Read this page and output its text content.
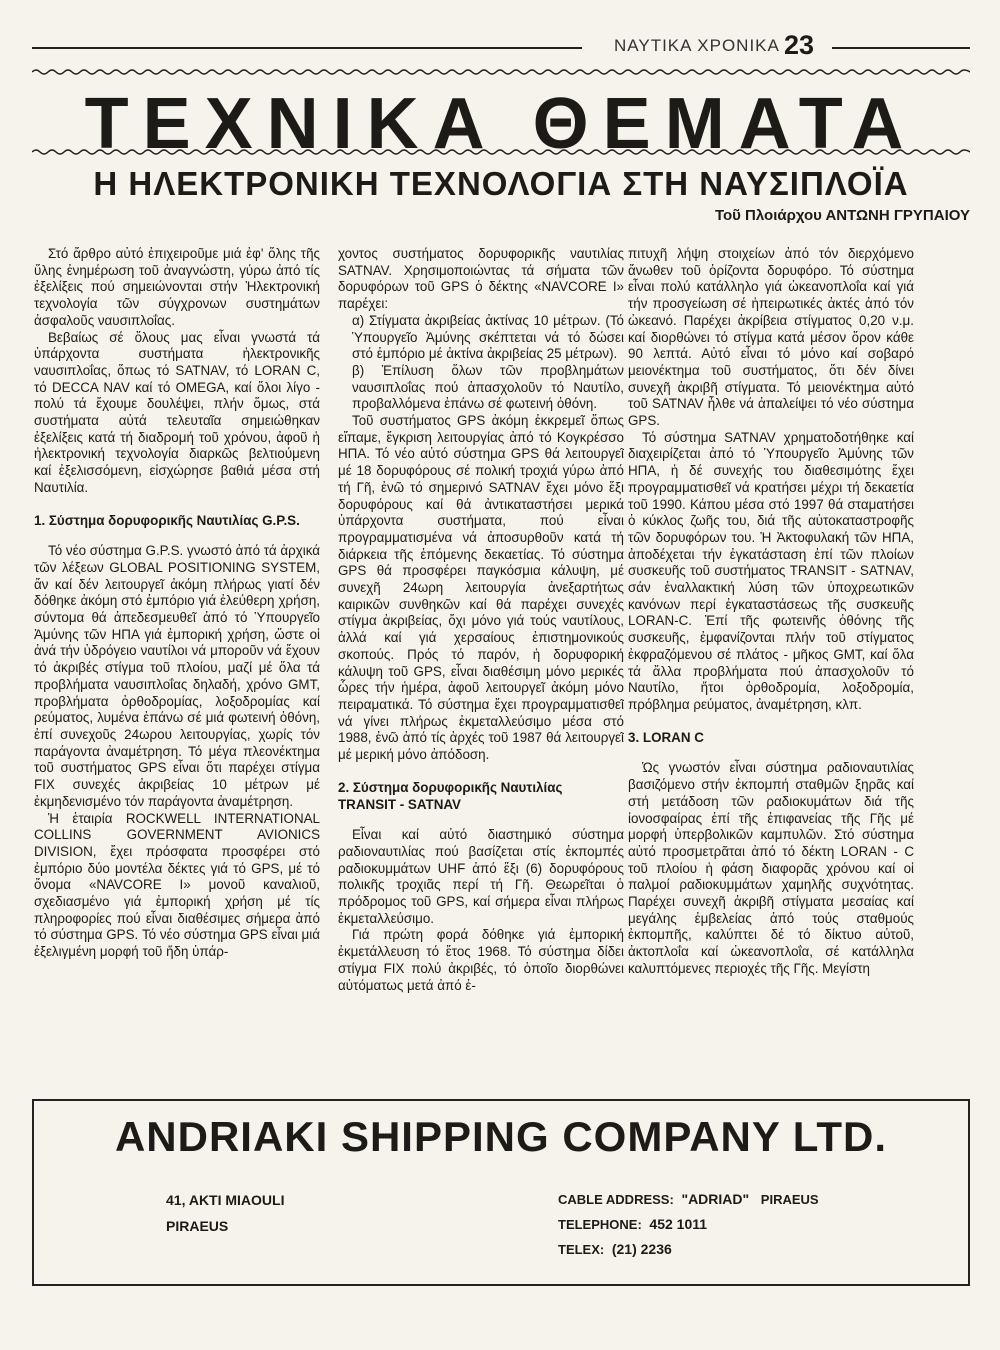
ΝΑΥΤΙΚΑ ΧΡΟΝΙΚΑ 23
ΤΕΧΝΙΚΑ ΘΕΜΑΤΑ
Η ΗΛΕΚΤΡΟΝΙΚΗ ΤΕΧΝΟΛΟΓΙΑ ΣΤΗ ΝΑΥΣΙΠΛΟΪΑ
Τοῦ Πλοιάρχου ΑΝΤΩΝΗ ΓΡΥΠΑΙΟΥ

Στό ἄρθρο αὐτό ἐπιχειροῦμε μιά ἐφ' ὅλης τῆς ὕλης ἐνημέρωση τοῦ ἀναγνώστη, γύρω ἀπό τίς ἐξελίξεις πού σημειώνονται στήν Ἠλεκτρονική τεχνολογία τῶν σύγχρονων συστημάτων ἀσφαλοῦς ναυσιπλοΐας.

Βεβαίως σέ ὅλους μας εἶναι γνωστά τά ὑπάρχοντα συστήματα ἠλεκτρονικῆς ναυσιπλοΐας, ὅπως τό SATNAV, τό LORAN C, τό DECCA NAV καί τό OMEGA, καί ὅλοι λίγο - πολύ τά ἔχουμε δουλέψει, πλήν ὅμως, στά συστήματα αὐτά τελευταῖα σημειώθηκαν ἐξελίξεις κατά τή διαδρομή τοῦ χρόνου, ἀφοῦ ἡ ἠλεκτρονική τεχνολογία διαρκῶς βελτιούμενη καί ἐξελισσόμενη, εἰσχώρησε βαθιά μέσα στή Ναυτιλία.

1. Σύστημα δορυφορικῆς Ναυτιλίας G.P.S.

Τό νέο σύστημα G.P.S. γνωστό ἀπό τά ἀρχικά τῶν λέξεων GLOBAL POSITIONING SYSTEM, ἄν καί δέν λειτουργεῖ ἀκόμη πλήρως γιατί δέν δόθηκε ἀκόμη στό ἐμπόριο γιά ἐλεύθερη χρήση, σύντομα θά ἀπεδεσμευθεῖ ἀπό τό Ὑπουργεῖο Ἀμύνης τῶν ΗΠΑ γιά ἐμπορική χρήση, ὥστε οἱ ἀνά τήν ὑδρόγειο ναυτίλοι νά μποροῦν νά ἔχουν τό ἀκριβές στίγμα τοῦ πλοίου, μαζί μέ ὅλα τά προβλήματα ναυσιπλοΐας δηλαδή, χρόνο GMT, προβλήματα ὀρθοδρομίας, λοξοδρομίας καί ρεύματος, λυμένα ἐπάνω σέ μιά φωτεινή ὀθόνη, ἐπί συνεχοῦς 24ωρου λειτουργίας, χωρίς τόν παράγοντα ἀναμέτρηση. Τό μέγα πλεονέκτημα τοῦ συστήματος GPS εἶναι ὅτι παρέχει στίγμα FIX συνεχές ἀκριβείας 10 μέτρων μέ ἐκμηδενισμένο τόν παράγοντα ἀναμέτρηση.

Ἡ ἑταιρία ROCKWELL INTERNATIONAL COLLINS GOVERNMENT AVIONICS DIVISION, ἔχει πρόσφατα προσφέρει στό ἐμπόριο δύο μοντέλα δέκτες γιά τό GPS, μέ τό ὄνομα «NAVCORE I» μονοῦ καναλιοῦ, σχεδιασμένο γιά ἐμπορική χρήση μέ τίς πληροφορίες πού εἶναι διαθέσιμες σήμερα ἀπό τό σύστημα GPS. Τό νέο σύστημα GPS εἶναι μιά ἐξελιγμένη μορφή τοῦ ἤδη ὑπάρ-

χοντος συστήματος δορυφορικῆς ναυτιλίας SATNAV. Χρησιμοποιώντας τά σήματα τῶν δορυφόρων τοῦ GPS ὁ δέκτης «NAVCORE I» παρέχει:

α) Στίγματα ἀκριβείας ἀκτίνας 10 μέτρων. (Τό Ὑπουργεῖο Ἀμύνης σκέπτεται νά τό δώσει στό ἐμπόριο μέ ἀκτίνα ἀκριβείας 25 μέτρων).

β) Ἐπίλυση ὅλων τῶν προβλημάτων ναυσιπλοΐας πού ἀπασχολοῦν τό Ναυτίλο, προβαλλόμενα ἐπάνω σέ φωτεινή ὀθόνη.

Τοῦ συστήματος GPS ἀκόμη ἐκκρεμεῖ ὅπως εἴπαμε, ἔγκριση λειτουργίας ἀπό τό Κογκρέσσο ΗΠΑ. Τό νέο αὐτό σύστημα GPS θά λειτουργεῖ μέ 18 δορυφόρους σέ πολική τροχιά γύρω ἀπό τή Γῆ, ἐνῶ τό σημερινό SATNAV ἔχει μόνο ἕξι δορυφόρους καί θά ἀντικαταστήσει μερικά ὑπάρχοντα συστήματα, πού εἶναι προγραμματισμένα νά ἀποσυρθοῦν κατά τή διάρκεια τῆς ἑπόμενης δεκαετίας. Τό σύστημα GPS θά προσφέρει παγκόσμια κάλυψη, μέ συνεχῆ 24ωρη λειτουργία ἀνεξαρτήτως καιρικῶν συνθηκῶν καί θά παρέχει συνεχές στίγμα ἀκριβείας, ὄχι μόνο γιά τούς ναυτίλους, ἀλλά καί γιά χερσαίους ἐπιστημονικούς σκοπούς. Πρός τό παρόν, ἡ δορυφορική κάλυψη τοῦ GPS, εἶναι διαθέσιμη μόνο μερικές ὧρες τήν ἡμέρα, ἀφοῦ λειτουργεῖ ἀκόμη μόνο πειραματικά. Τό σύστημα ἔχει προγραμματισθεῖ νά γίνει πλήρως ἐκμεταλλεύσιμο μέσα στό 1988, ἐνῶ ἀπό τίς ἀρχές τοῦ 1987 θά λειτουργεῖ μέ μερική μόνο ἀπόδοση.

2. Σύστημα δορυφορικῆς Ναυτιλίας TRANSIT - SATNAV

Εἶναι καί αὐτό διαστημικό σύστημα ραδιοναυτιλίας πού βασίζεται στίς ἐκπομπές ραδιοκυμμάτων UHF ἀπό ἕξι (6) δορυφόρους πολικῆς τροχιᾶς περί τή Γῆ. Θεωρεῖται ὁ πρόδρομος τοῦ GPS, καί σήμερα εἶναι πλήρως ἐκμεταλλεύσιμο.

Γιά πρώτη φορά δόθηκε γιά ἐμπορική ἐκμετάλλευση τό ἔτος 1968. Τό σύστημα δίδει στίγμα FIX πολύ ἀκριβές, τό ὁποῖο διορθώνει αὐτόματως μετά ἀπό ἐ-

πιτυχῆ λήψη στοιχείων ἀπό τόν διερχόμενο ἄνωθεν τοῦ ὁρίζοντα δορυφόρο. Τό σύστημα εἶναι πολύ κατάλληλο γιά ὠκεανοπλοΐα καί γιά τήν προσγείωση σέ ἠπειρωτικές ἀκτές ἀπό τόν ὠκεανό. Παρέχει ἀκρίβεια στίγματος 0,20 ν.μ. καί διορθώνει τό στίγμα κατά μέσον ὅρον κάθε 90 λεπτά. Αὐτό εἶναι τό μόνο καί σοβαρό μειονέκτημα τοῦ συστήματος, ὅτι δέν δίνει συνεχῆ ἀκριβῆ στίγματα. Τό μειονέκτημα αὐτό τοῦ SATNAV ἦλθε νά ἀπαλείψει τό νέο σύστημα GPS.

Τό σύστημα SATNAV χρηματοδοτήθηκε καί διαχειρίζεται ἀπό τό Ὑπουργεῖο Ἀμύνης τῶν ΗΠΑ, ἡ δέ συνεχής του διαθεσιμότης ἔχει προγραμματισθεῖ νά κρατήσει μέχρι τή δεκαετία τοῦ 1990. Κάπου μέσα στό 1997 θά σταματήσει ὁ κύκλος ζωῆς του, διά τῆς αὐτοκαταστροφῆς τῶν δορυφόρων του. Ἡ Ἀκτοφυλακή τῶν ΗΠΑ, ἀποδέχεται τήν ἐγκατάσταση ἐπί τῶν πλοίων συσκευῆς τοῦ συστήματος TRANSIT - SATNAV, σάν ἐναλλακτική λύση τῶν ὑποχρεωτικῶν κανόνων περί ἐγκαταστάσεως τῆς συσκευῆς LORAN-C. Ἐπί τῆς φωτεινῆς ὀθόνης τῆς συσκευῆς, ἐμφανίζονται πλήν τοῦ στίγματος ἐκφραζόμενου σέ πλάτος - μῆκος GMT, καί ὅλα τά ἄλλα προβλήματα πού ἀπασχολοῦν τό Ναυτίλο, ἤτοι ὀρθοδρομία, λοξοδρομία, πρόβλημα ρεύματος, ἀναμέτρηση, κλπ.

3. LORAN C

Ὡς γνωστόν εἶναι σύστημα ραδιοναυτιλίας βασιζόμενο στήν ἐκπομπή σταθμῶν ξηρᾶς καί στή μετάδοση τῶν ραδιοκυμάτων διά τῆς ἰονοσφαίρας ἐπί τῆς ἐπιφανείας τῆς Γῆς μέ μορφή ὑπερβολικῶν καμπυλῶν. Στό σύστημα αὐτό προσμετρᾶται ἀπό τό δέκτη LORAN - C τοῦ πλοίου ἡ φάση διαφορᾶς χρόνου καί οἱ παλμοί ραδιοκυμμάτων χαμηλῆς συχνότητας. Παρέχει συνεχῆ ἀκριβῆ στίγματα μεσαίας καί μεγάλης ἐμβελείας ἀπό τούς σταθμούς ἐκπομπῆς, καλύπτει δέ τό δίκτυο αὐτοῦ, ἀκτοπλοΐα καί ὠκεανοπλοΐα, σέ κατάλληλα καλυπτόμενες περιοχές τῆς Γῆς. Μεγίστη

ANDRIAKI SHIPPING COMPANY LTD.
41, AKTI MIAOULI
PIRAEUS
CABLE ADDRESS: "ADRIAD" PIRAEUS
TELEPHONE: 452 1011
TELEX: (21) 2236
